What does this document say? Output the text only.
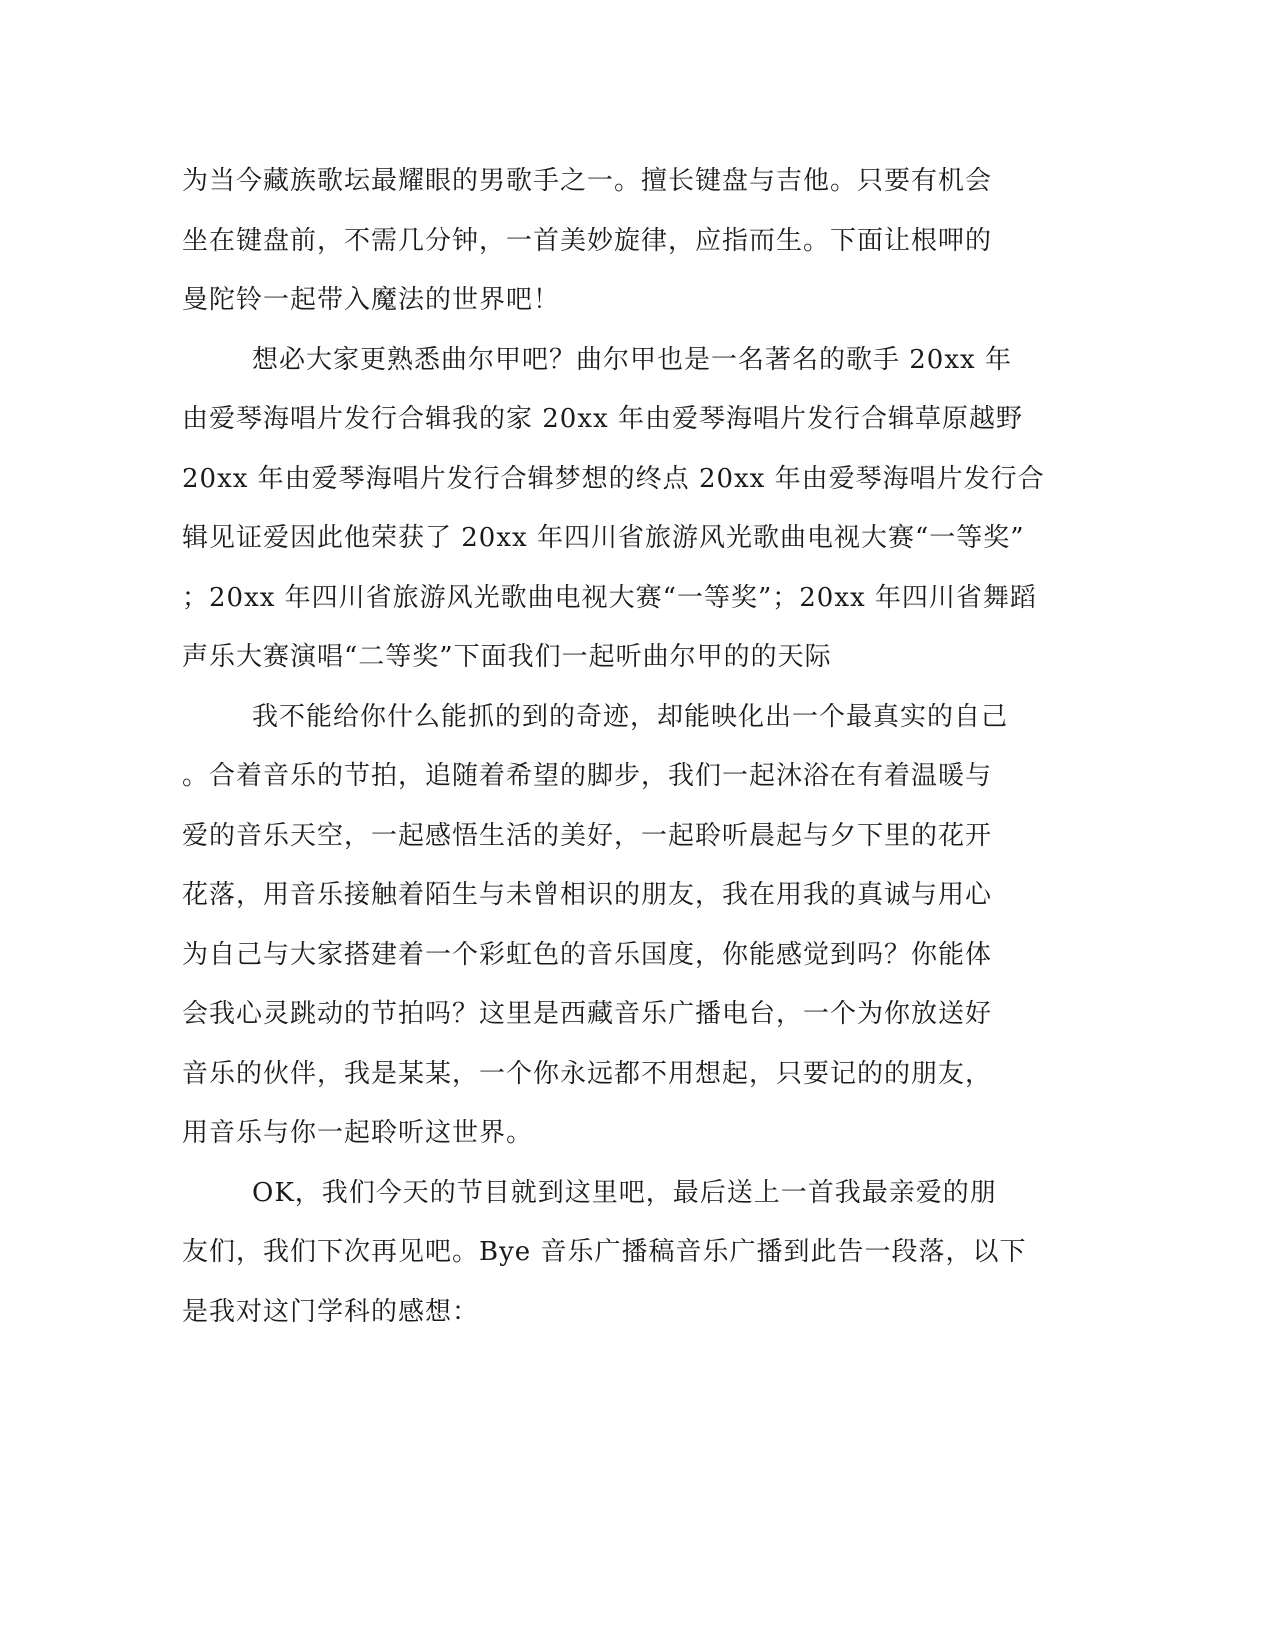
为当今藏族歌坛最耀眼的男歌手之一。擅长键盘与吉他。只要有机会
坐在键盘前，不需几分钟，一首美妙旋律，应指而生。下面让根呷的
曼陀铃一起带入魔法的世界吧！
想必大家更熟悉曲尔甲吧？曲尔甲也是一名著名的歌手 20xx 年
由爱琴海唱片发行合辑我的家 20xx 年由爱琴海唱片发行合辑草原越野
20xx 年由爱琴海唱片发行合辑梦想的终点 20xx 年由爱琴海唱片发行合
辑见证爱因此他荣获了 20xx 年四川省旅游风光歌曲电视大赛“一等奖”
；20xx 年四川省旅游风光歌曲电视大赛“一等奖”；20xx 年四川省舞蹈
声乐大赛演唱“二等奖”下面我们一起听曲尔甲的的天际
我不能给你什么能抓的到的奇迹，却能映化出一个最真实的自己
。合着音乐的节拍，追随着希望的脚步，我们一起沐浴在有着温暖与
爱的音乐天空，一起感悟生活的美好，一起聆听晨起与夕下里的花开
花落，用音乐接触着陌生与未曾相识的朋友，我在用我的真诚与用心
为自己与大家搭建着一个彩虹色的音乐国度，你能感觉到吗？你能体
会我心灵跳动的节拍吗？这里是西藏音乐广播电台，一个为你放送好
音乐的伙伴，我是某某，一个你永远都不用想起，只要记的的朋友，
用音乐与你一起聆听这世界。
OK，我们今天的节目就到这里吧，最后送上一首我最亲爱的朋
友们，我们下次再见吧。Bye 音乐广播稿音乐广播到此告一段落，以下
是我对这门学科的感想：
